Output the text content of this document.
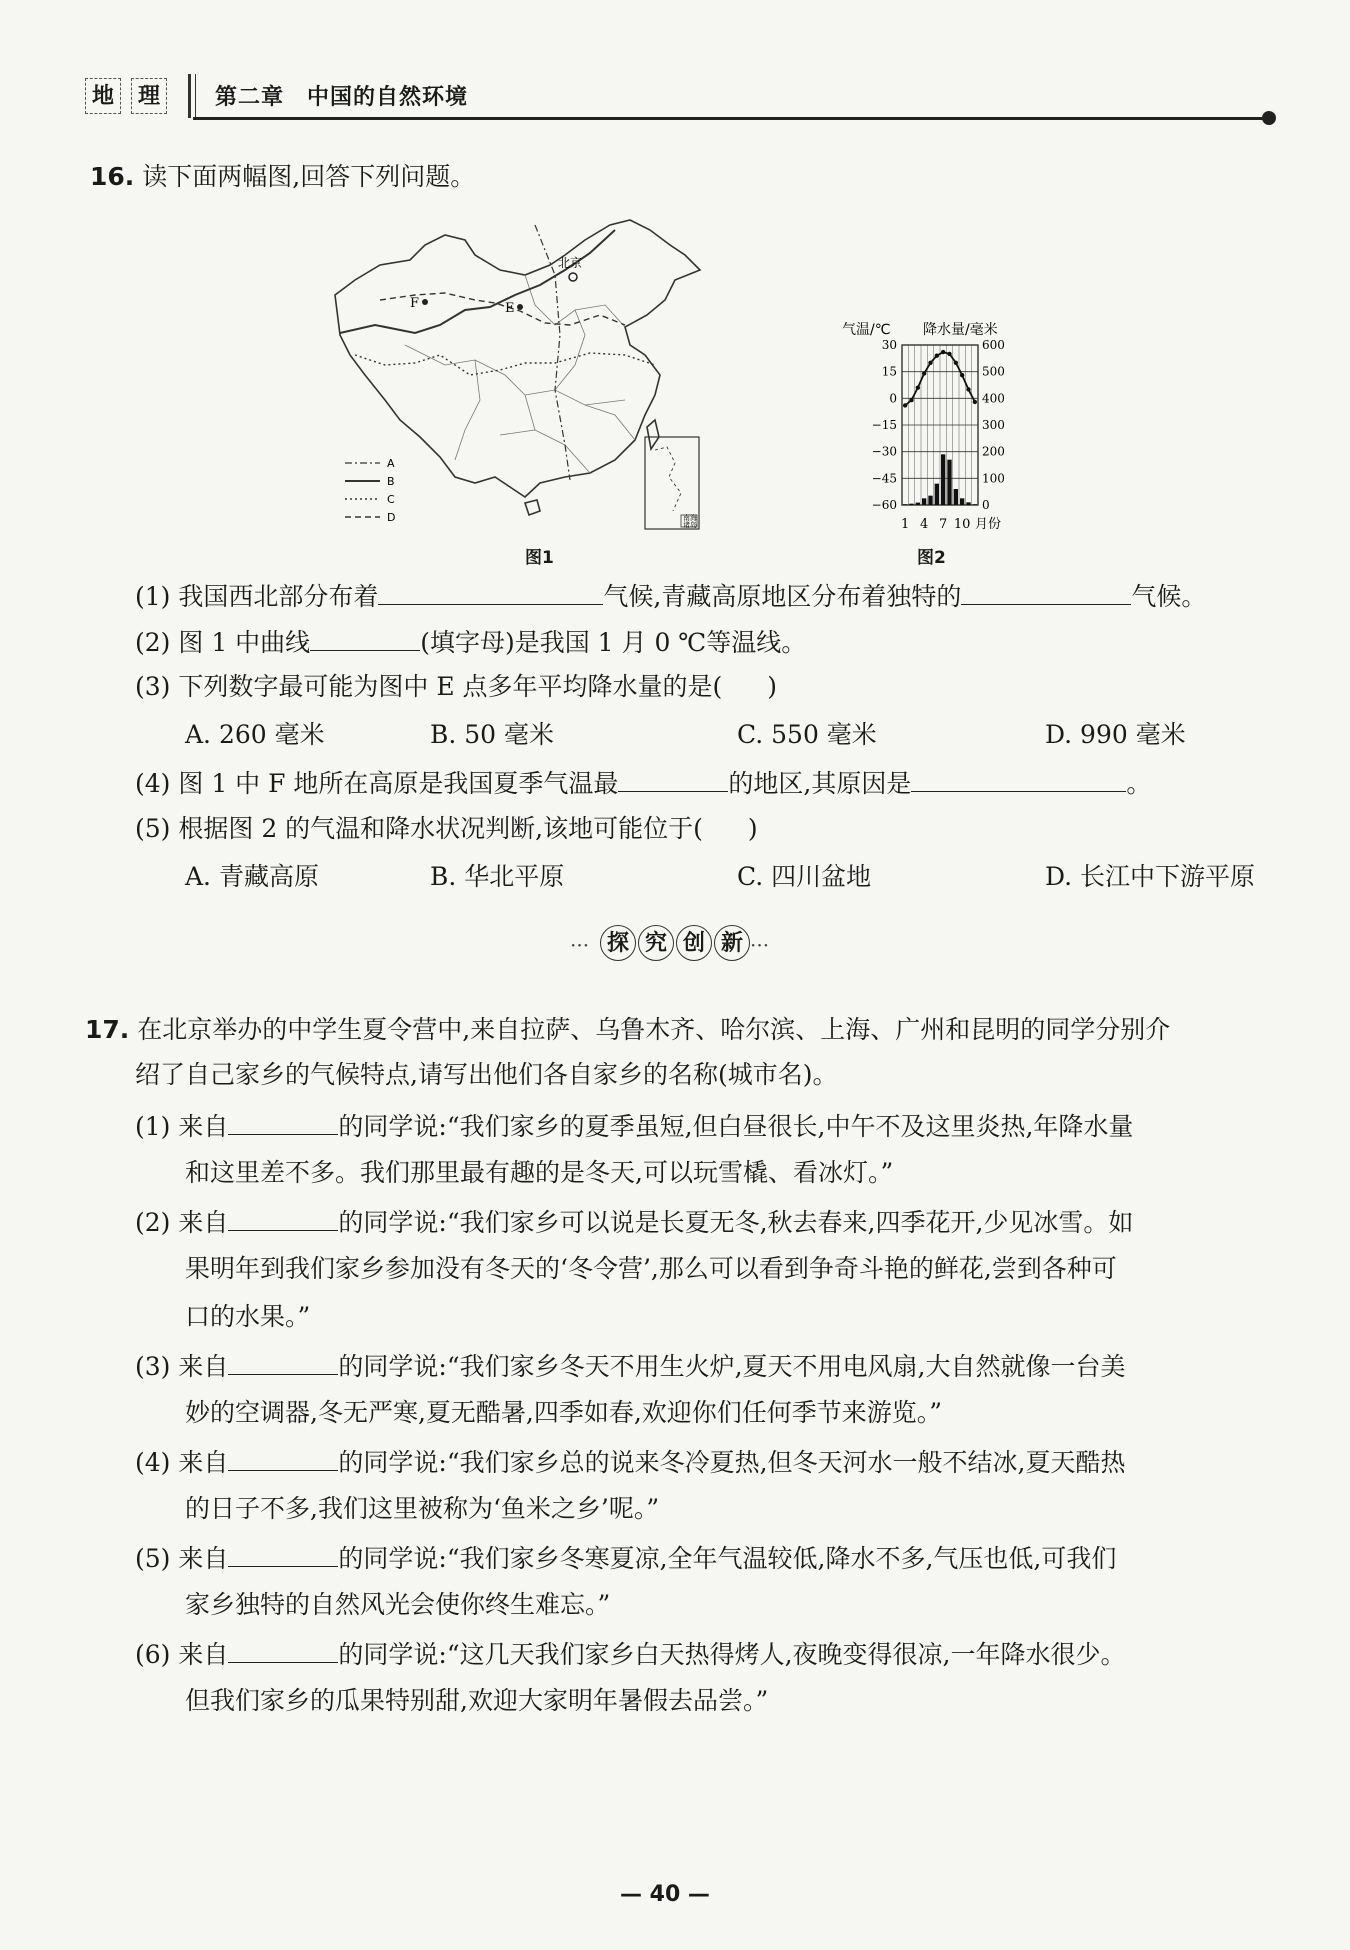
地	理	第二章　中国的自然环境
16. 读下面两幅图,回答下列问题。
北京
E
F
A
B
C
D	南海
诸岛
图1
气温/℃ 降水量/毫米
30	600
15	500
0	400
−15	300
−30	200
−45	100
−60	0
1 4 7 10 月份
图2
(1) 我国西北部分布着	气候,青藏高原地区分布着独特的	气候。
(2) 图 1 中曲线	(填字母)是我国 1 月 0 ℃等温线。
(3) 下列数字最可能为图中 E 点多年平均降水量的是( )
A. 260 毫米	B. 50 毫米	C. 550 毫米	D. 990 毫米
(4) 图 1 中 F 地所在高原是我国夏季气温最	的地区,其原因是	。
(5) 根据图 2 的气温和降水状况判断,该地可能位于( )
A. 青藏高原	B. 华北平原	C. 四川盆地	D. 长江中下游平原
··· 探 究 创 新 ···
17. 在北京举办的中学生夏令营中,来自拉萨、乌鲁木齐、哈尔滨、上海、广州和昆明的同学分别介
绍了自己家乡的气候特点,请写出他们各自家乡的名称(城市名)。
(1) 来自	的同学说:“我们家乡的夏季虽短,但白昼很长,中午不及这里炎热,年降水量
和这里差不多。我们那里最有趣的是冬天,可以玩雪橇、看冰灯。”
(2) 来自	的同学说:“我们家乡可以说是长夏无冬,秋去春来,四季花开,少见冰雪。如
果明年到我们家乡参加没有冬天的‘冬令营’,那么可以看到争奇斗艳的鲜花,尝到各种可
口的水果。”
(3) 来自	的同学说:“我们家乡冬天不用生火炉,夏天不用电风扇,大自然就像一台美
妙的空调器,冬无严寒,夏无酷暑,四季如春,欢迎你们任何季节来游览。”
(4) 来自	的同学说:“我们家乡总的说来冬冷夏热,但冬天河水一般不结冰,夏天酷热
的日子不多,我们这里被称为‘鱼米之乡’呢。”
(5) 来自	的同学说:“我们家乡冬寒夏凉,全年气温较低,降水不多,气压也低,可我们
家乡独特的自然风光会使你终生难忘。”
(6) 来自	的同学说:“这几天我们家乡白天热得烤人,夜晚变得很凉,一年降水很少。
但我们家乡的瓜果特别甜,欢迎大家明年暑假去品尝。”
— 40 —
